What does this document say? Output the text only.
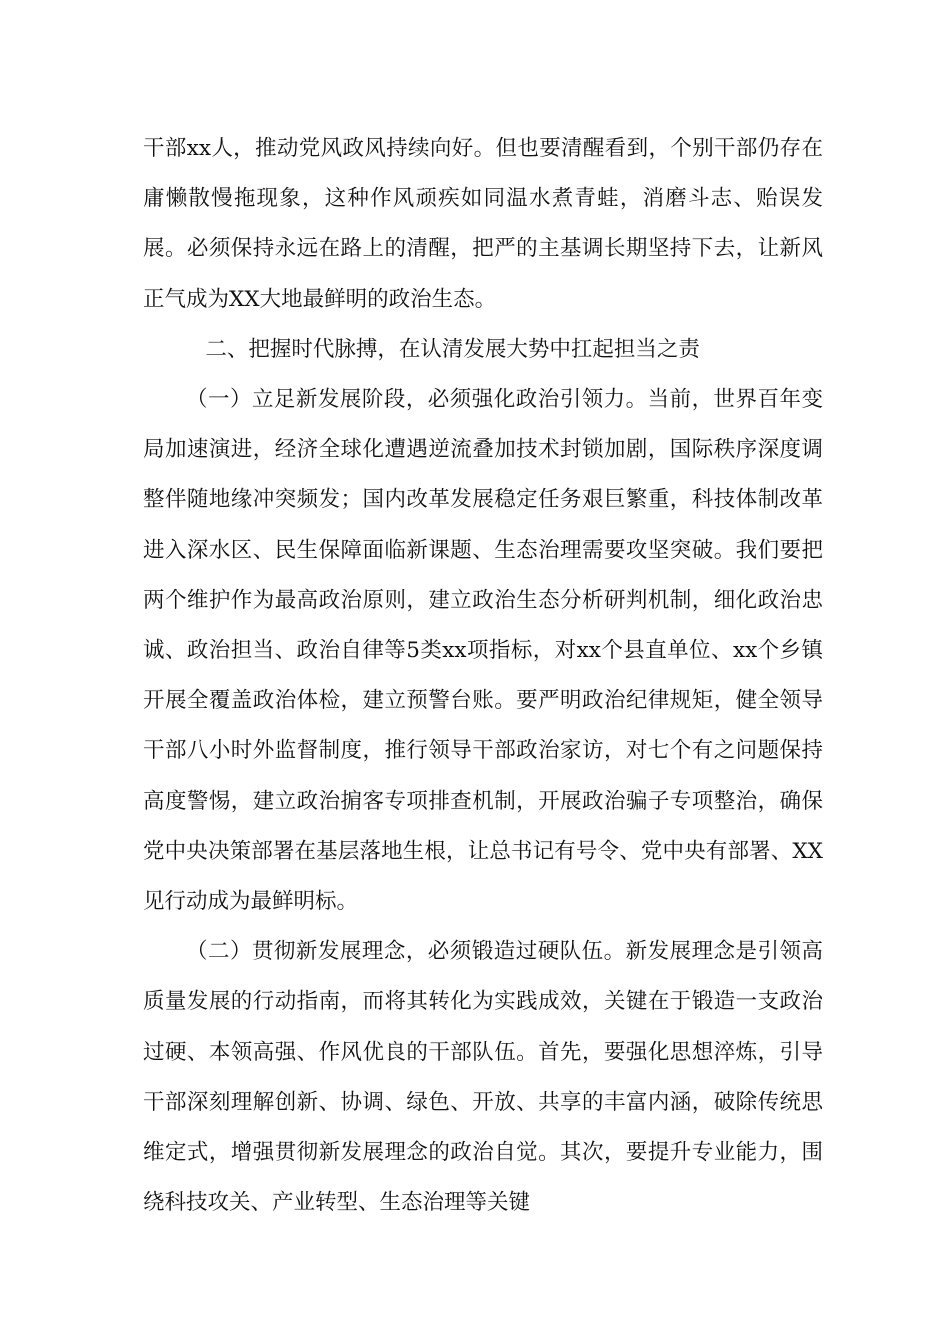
干部xx人，推动党风政风持续向好。但也要清醒看到，个别干部仍存在庸懒散慢拖现象，这种作风顽疾如同温水煮青蛙，消磨斗志、贻误发展。必须保持永远在路上的清醒，把严的主基调长期坚持下去，让新风正气成为XX大地最鲜明的政治生态。

二、把握时代脉搏，在认清发展大势中扛起担当之责

（一）立足新发展阶段，必须强化政治引领力。当前，世界百年变局加速演进，经济全球化遭遇逆流叠加技术封锁加剧，国际秩序深度调整伴随地缘冲突频发；国内改革发展稳定任务艰巨繁重，科技体制改革进入深水区、民生保障面临新课题、生态治理需要攻坚突破。我们要把两个维护作为最高政治原则，建立政治生态分析研判机制，细化政治忠诚、政治担当、政治自律等5类xx项指标，对xx个县直单位、xx个乡镇开展全覆盖政治体检，建立预警台账。要严明政治纪律规矩，健全领导干部八小时外监督制度，推行领导干部政治家访，对七个有之问题保持高度警惕，建立政治掮客专项排查机制，开展政治骗子专项整治，确保党中央决策部署在基层落地生根，让总书记有号令、党中央有部署、XX见行动成为最鲜明标。

（二）贯彻新发展理念，必须锻造过硬队伍。新发展理念是引领高质量发展的行动指南，而将其转化为实践成效，关键在于锻造一支政治过硬、本领高强、作风优良的干部队伍。首先，要强化思想淬炼，引导干部深刻理解创新、协调、绿色、开放、共享的丰富内涵，破除传统思维定式，增强贯彻新发展理念的政治自觉。其次，要提升专业能力，围绕科技攻关、产业转型、生态治理等关键
